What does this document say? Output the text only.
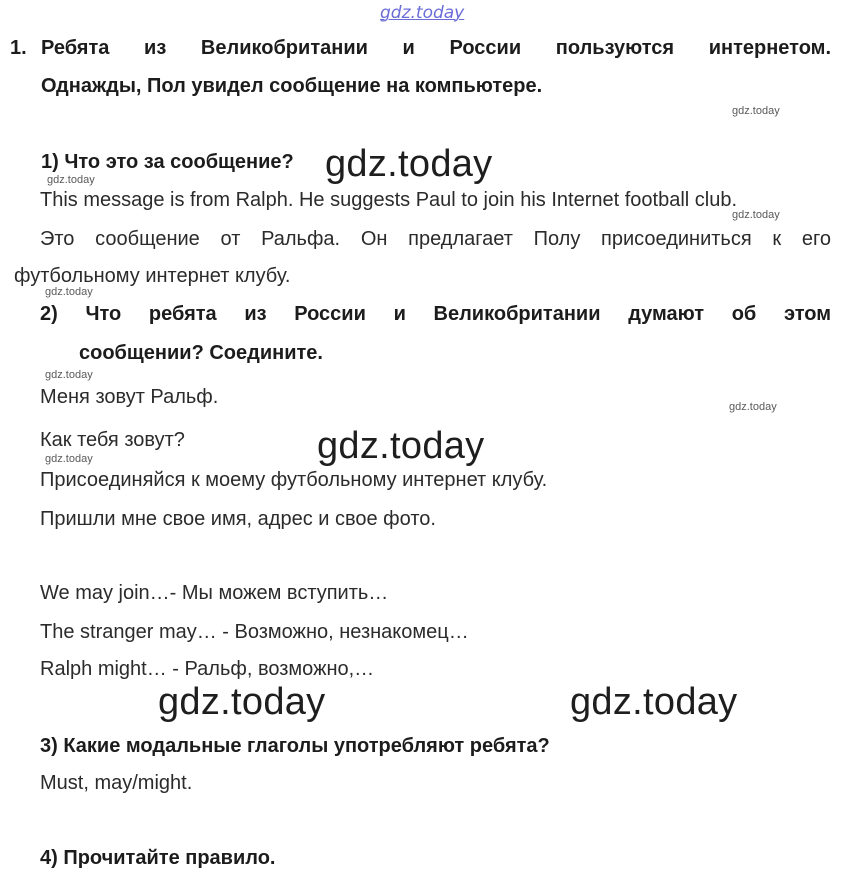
gdz.today
1. Ребята из Великобритании и России пользуются интернетом.
Однажды, Пол увидел сообщение на компьютере.
gdz.today
1) Что это за сообщение? gdz.today
gdz.today
This message is from Ralph. He suggests Paul to join his Internet football club.
gdz.today
Это сообщение от Ральфа. Он предлагает Полу присоединиться к его
футбольному интернет клубу.
gdz.today
2) Что ребята из России и Великобритании думают об этом
сообщении? Соедините.
gdz.today
Меня зовут Ральф.	gdz.today
Как тебя зовут?	gdz.today
gdz.today
Присоединяйся к моему футбольному интернет клубу.
Пришли мне свое имя, адрес и свое фото.
We may join…- Мы можем вступить…
The stranger may… - Возможно, незнакомец…
Ralph might… - Ральф, возможно,…
gdz.today	gdz.today
3) Какие модальные глаголы употребляют ребята?
Must, may/might.
4) Прочитайте правило.
